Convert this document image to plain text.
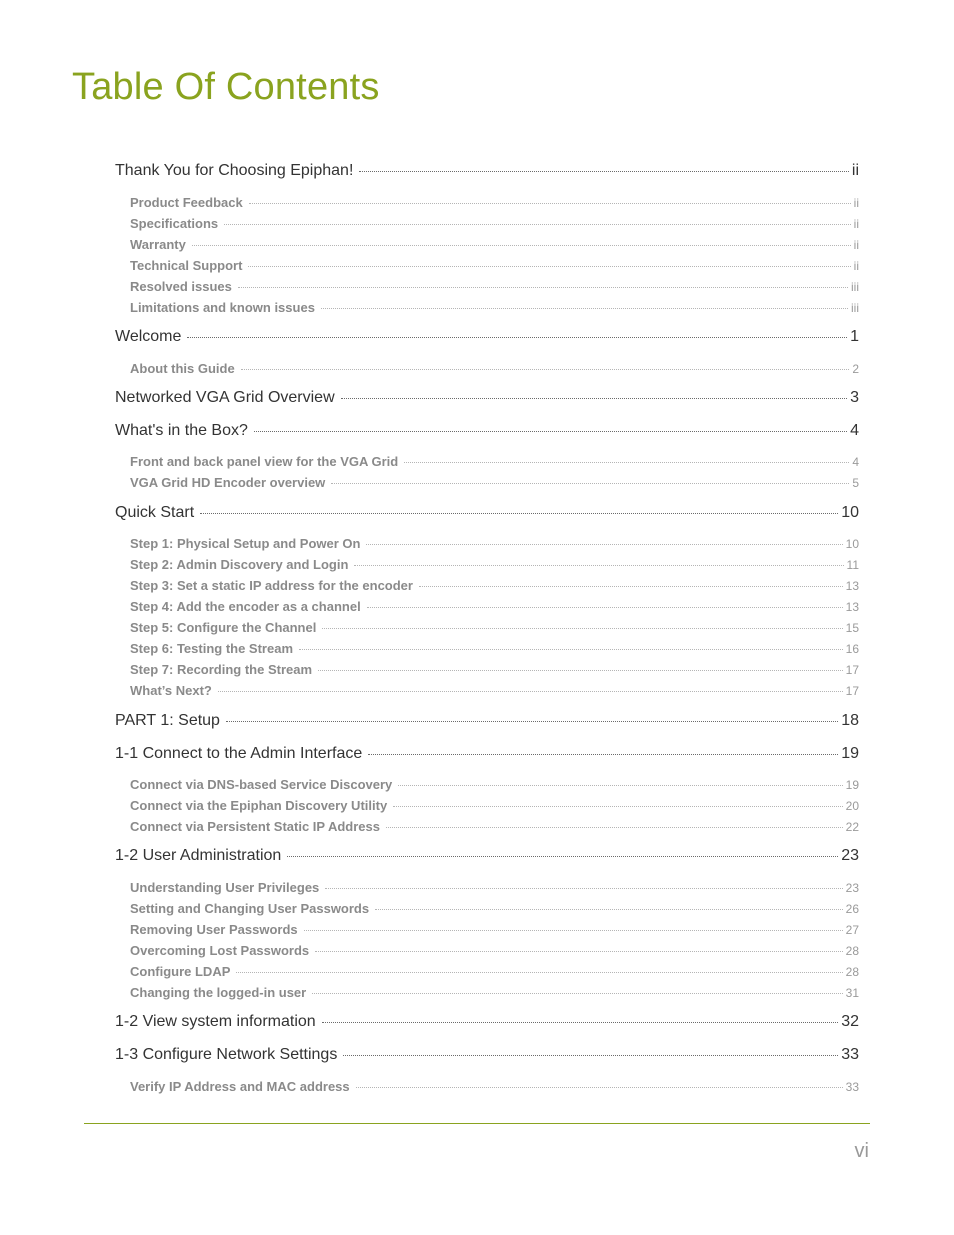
Table Of Contents
Thank You for Choosing Epiphan!	ii
Product Feedback	ii
Specifications	ii
Warranty	ii
Technical Support	ii
Resolved issues	iii
Limitations and known issues	iii
Welcome	1
About this Guide	2
Networked VGA Grid Overview	3
What's in the Box?	4
Front and back panel view for the VGA Grid	4
VGA Grid HD Encoder overview	5
Quick Start	10
Step 1: Physical Setup and Power On	10
Step 2: Admin Discovery and Login	11
Step 3: Set a static IP address for the encoder	13
Step 4: Add the encoder as a channel	13
Step 5: Configure the Channel	15
Step 6: Testing the Stream	16
Step 7: Recording the Stream	17
What’s Next?	17
PART 1: Setup	18
1-1 Connect to the Admin Interface	19
Connect via DNS-based Service Discovery	19
Connect via the Epiphan Discovery Utility	20
Connect via Persistent Static IP Address	22
1-2 User Administration	23
Understanding User Privileges	23
Setting and Changing User Passwords	26
Removing User Passwords	27
Overcoming Lost Passwords	28
Configure LDAP	28
Changing the logged-in user	31
1-2 View system information	32
1-3 Configure Network Settings	33
Verify IP Address and MAC address	33
vi
